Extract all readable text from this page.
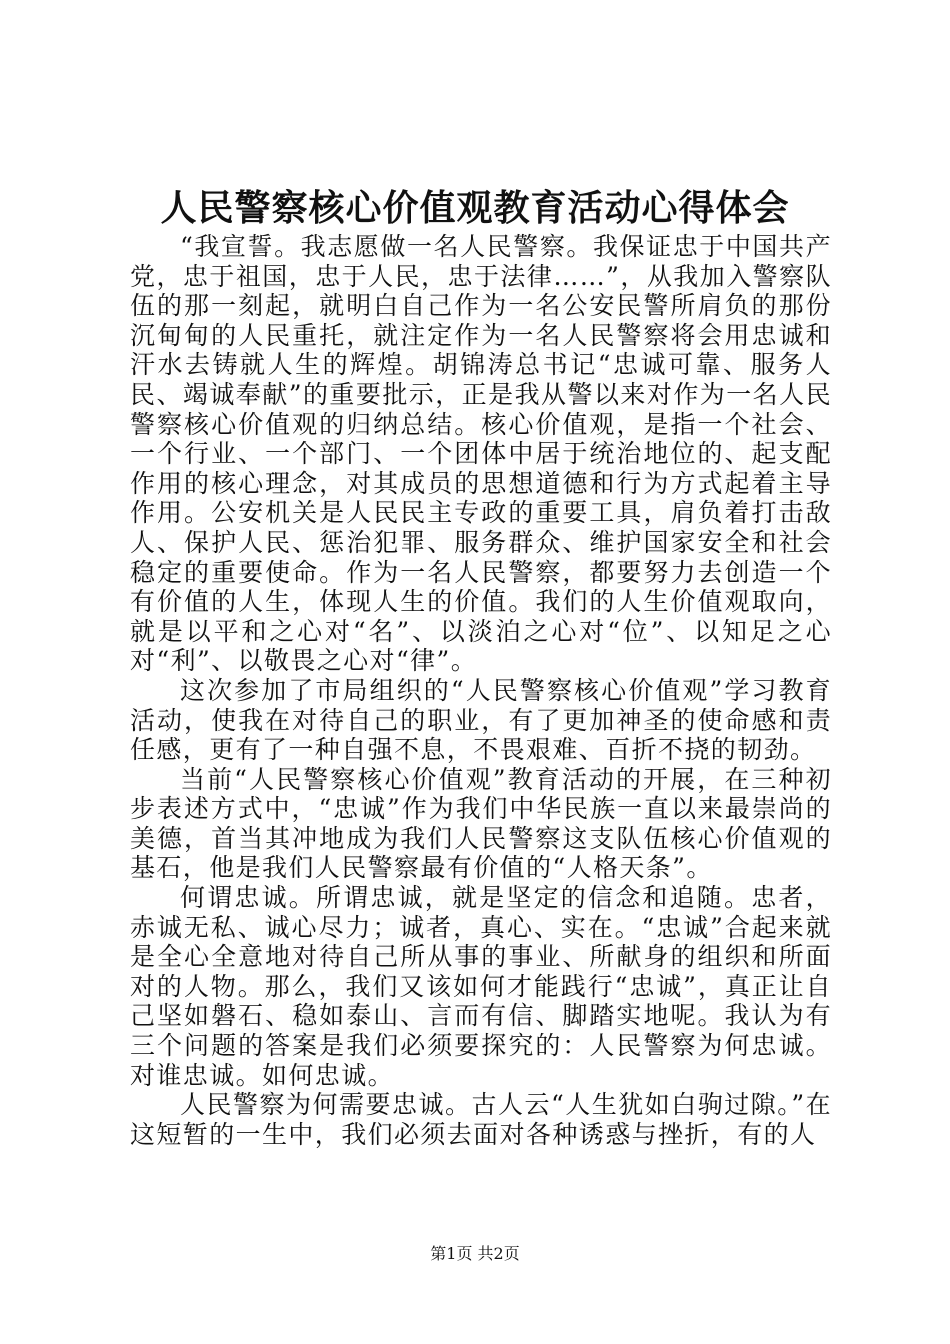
人民警察核心价值观教育活动心得体会

“我宣誓。我志愿做一名人民警察。我保证忠于中国共产党，忠于祖国，忠于人民，忠于法律……”，从我加入警察队伍的那一刻起，就明白自己作为一名公安民警所肩负的那份沉甸甸的人民重托，就注定作为一名人民警察将会用忠诚和汗水去铸就人生的辉煌。胡锦涛总书记“忠诚可靠、服务人民、竭诚奉献”的重要批示，正是我从警以来对作为一名人民警察核心价值观的归纳总结。核心价值观，是指一个社会、一个行业、一个部门、一个团体中居于统治地位的、起支配作用的核心理念，对其成员的思想道德和行为方式起着主导作用。公安机关是人民民主专政的重要工具，肩负着打击敌人、保护人民、惩治犯罪、服务群众、维护国家安全和社会稳定的重要使命。作为一名人民警察，都要努力去创造一个有价值的人生，体现人生的价值。我们的人生价值观取向，就是以平和之心对“名”、以淡泊之心对“位”、以知足之心对“利”、以敬畏之心对“律”。

这次参加了市局组织的“人民警察核心价值观”学习教育活动，使我在对待自己的职业，有了更加神圣的使命感和责任感，更有了一种自强不息，不畏艰难、百折不挠的韧劲。

当前“人民警察核心价值观”教育活动的开展，在三种初步表述方式中，“忠诚”作为我们中华民族一直以来最崇尚的美德，首当其冲地成为我们人民警察这支队伍核心价值观的基石，他是我们人民警察最有价值的“人格天条”。

何谓忠诚。所谓忠诚，就是坚定的信念和追随。忠者，赤诚无私、诚心尽力；诚者，真心、实在。“忠诚”合起来就是全心全意地对待自己所从事的事业、所献身的组织和所面对的人物。那么，我们又该如何才能践行“忠诚”，真正让自己坚如磐石、稳如泰山、言而有信、脚踏实地呢。我认为有三个问题的答案是我们必须要探究的：人民警察为何忠诚。对谁忠诚。如何忠诚。

人民警察为何需要忠诚。古人云“人生犹如白驹过隙。”在这短暂的一生中，我们必须去面对各种诱惑与挫折，有的人

第1页 共2页
